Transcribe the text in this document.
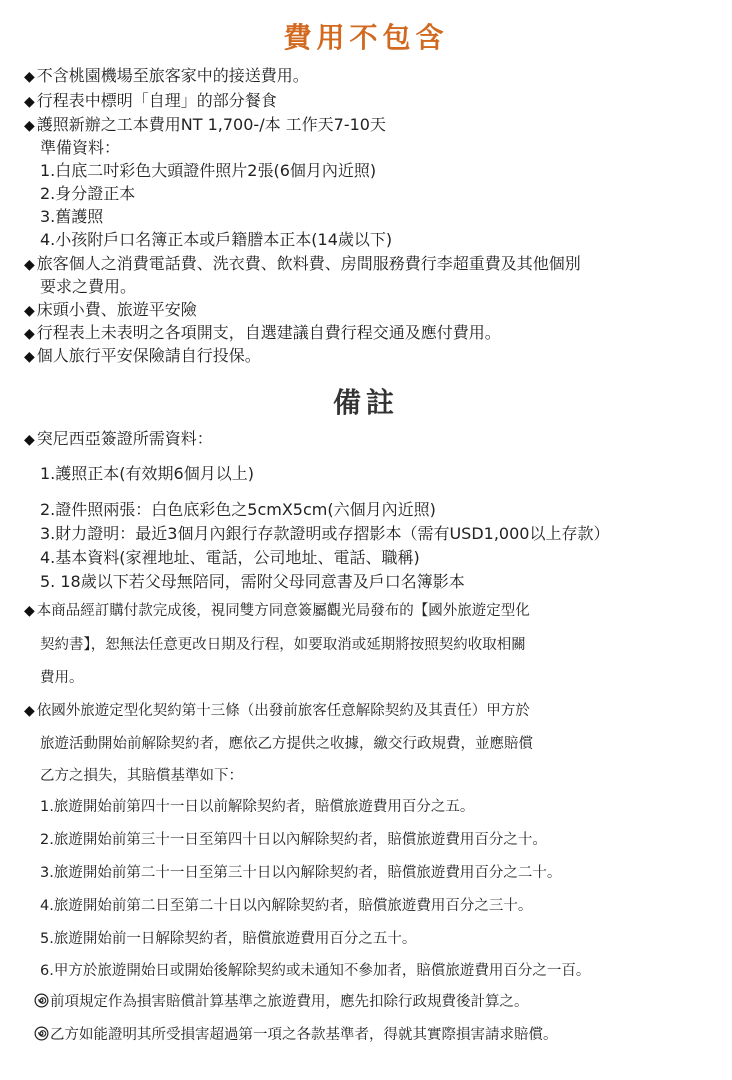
費用不包含
◆ 不含桃園機場至旅客家中的接送費用。
◆ 行程表中標明「自理」的部分餐食
◆ 護照新辦之工本費用NT 1,700-/本 工作天7-10天
準備資料：
1.白底二吋彩色大頭證件照片2張(6個月內近照)
2.身分證正本
3.舊護照
4.小孩附戶口名簿正本或戶籍謄本正本(14歲以下)
◆ 旅客個人之消費電話費、洗衣費、飲料費、房間服務費行李超重費及其他個別
要求之費用。
◆ 床頭小費、旅遊平安險
◆ 行程表上未表明之各項開支，自選建議自費行程交通及應付費用。
◆ 個人旅行平安保險請自行投保。
備註
◆ 突尼西亞簽證所需資料：
1.護照正本(有效期6個月以上)
2.證件照兩張：白色底彩色之5cmX5cm(六個月內近照)
3.財力證明：最近3個月內銀行存款證明或存摺影本（需有USD1,000以上存款）
4.基本資料(家裡地址、電話，公司地址、電話、職稱)
5. 18歲以下若父母無陪同，需附父母同意書及戶口名簿影本
◆ 本商品經訂購付款完成後，視同雙方同意簽屬觀光局發布的【國外旅遊定型化
契約書】，恕無法任意更改日期及行程，如要取消或延期將按照契約收取相關
費用。
◆ 依國外旅遊定型化契約第十三條（出發前旅客任意解除契約及其責任）甲方於
旅遊活動開始前解除契約者，應依乙方提供之收據，繳交行政規費，並應賠償
乙方之損失，其賠償基準如下：
1.旅遊開始前第四十一日以前解除契約者，賠償旅遊費用百分之五。
2.旅遊開始前第三十一日至第四十日以內解除契約者，賠償旅遊費用百分之十。
3.旅遊開始前第二十一日至第三十日以內解除契約者，賠償旅遊費用百分之二十。
4.旅遊開始前第二日至第二十日以內解除契約者，賠償旅遊費用百分之三十。
5.旅遊開始前一日解除契約者，賠償旅遊費用百分之五十。
6.甲方於旅遊開始日或開始後解除契約或未通知不參加者，賠償旅遊費用百分之一百。
前項規定作為損害賠償計算基準之旅遊費用，應先扣除行政規費後計算之。
乙方如能證明其所受損害超過第一項之各款基準者，得就其實際損害請求賠償。
